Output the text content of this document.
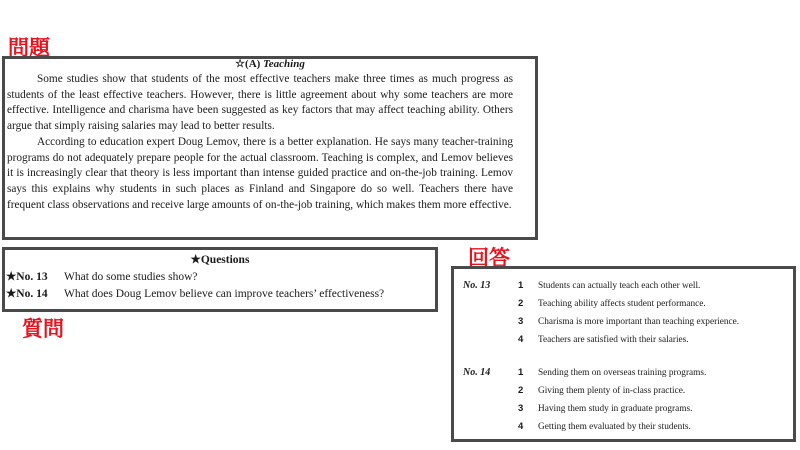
問題
☆(A) Teaching

Some studies show that students of the most effective teachers make three times as much progress as students of the least effective teachers. However, there is little agreement about why some teachers are more effective. Intelligence and charisma have been suggested as key factors that may affect teaching ability. Others argue that simply raising salaries may lead to better results.

According to education expert Doug Lemov, there is a better explanation. He says many teacher-training programs do not adequately prepare people for the actual classroom. Teaching is complex, and Lemov believes it is increasingly clear that theory is less important than intense guided practice and on-the-job training. Lemov says this explains why students in such places as Finland and Singapore do so well. Teachers there have frequent class observations and receive large amounts of on-the-job training, which makes them more effective.

回答
★Questions
★No. 13 What do some studies show?
★No. 14 What does Doug Lemov believe can improve teachers’ effectiveness?
質問
No. 13	1 Students can actually teach each other well.
2 Teaching ability affects student performance.
3 Charisma is more important than teaching experience.
4 Teachers are satisfied with their salaries.
No. 14	1 Sending them on overseas training programs.
2 Giving them plenty of in-class practice.
3 Having them study in graduate programs.
4 Getting them evaluated by their students.
